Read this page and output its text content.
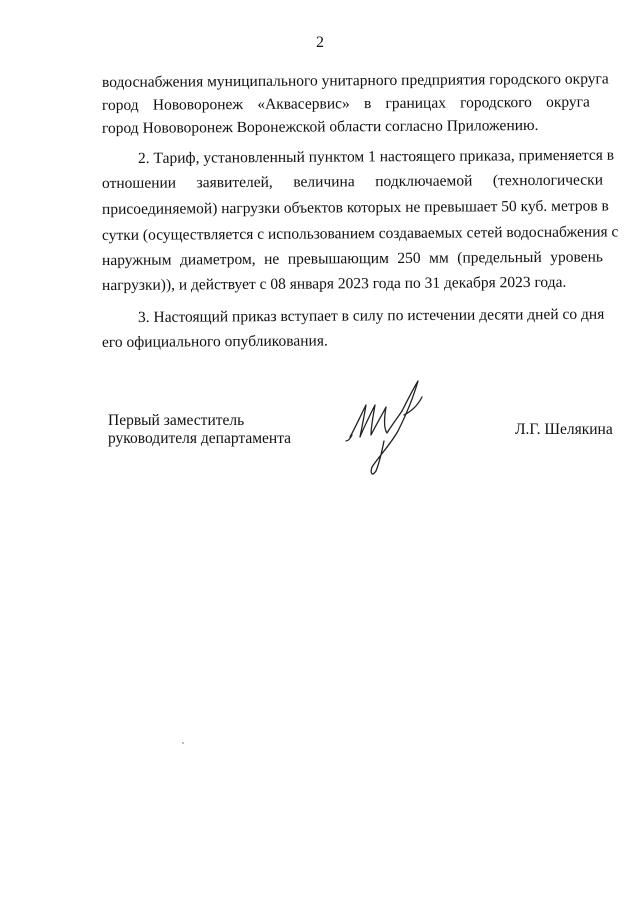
2
водоснабжения муниципального унитарного предприятия городского округа
город Нововоронеж «Аквасервис» в границах городского округа
город Нововоронеж Воронежской области согласно Приложению.
2. Тариф, установленный пунктом 1 настоящего приказа, применяется в
отношении заявителей, величина подключаемой (технологически
присоединяемой) нагрузки объектов которых не превышает 50 куб. метров в
сутки (осуществляется с использованием создаваемых сетей водоснабжения с
наружным диаметром, не превышающим 250 мм (предельный уровень
нагрузки)), и действует с 08 января 2023 года по 31 декабря 2023 года.
3. Настоящий приказ вступает в силу по истечении десяти дней со дня
его официального опубликования.
Первый заместитель
руководителя департамента
Л.Г. Шелякина
